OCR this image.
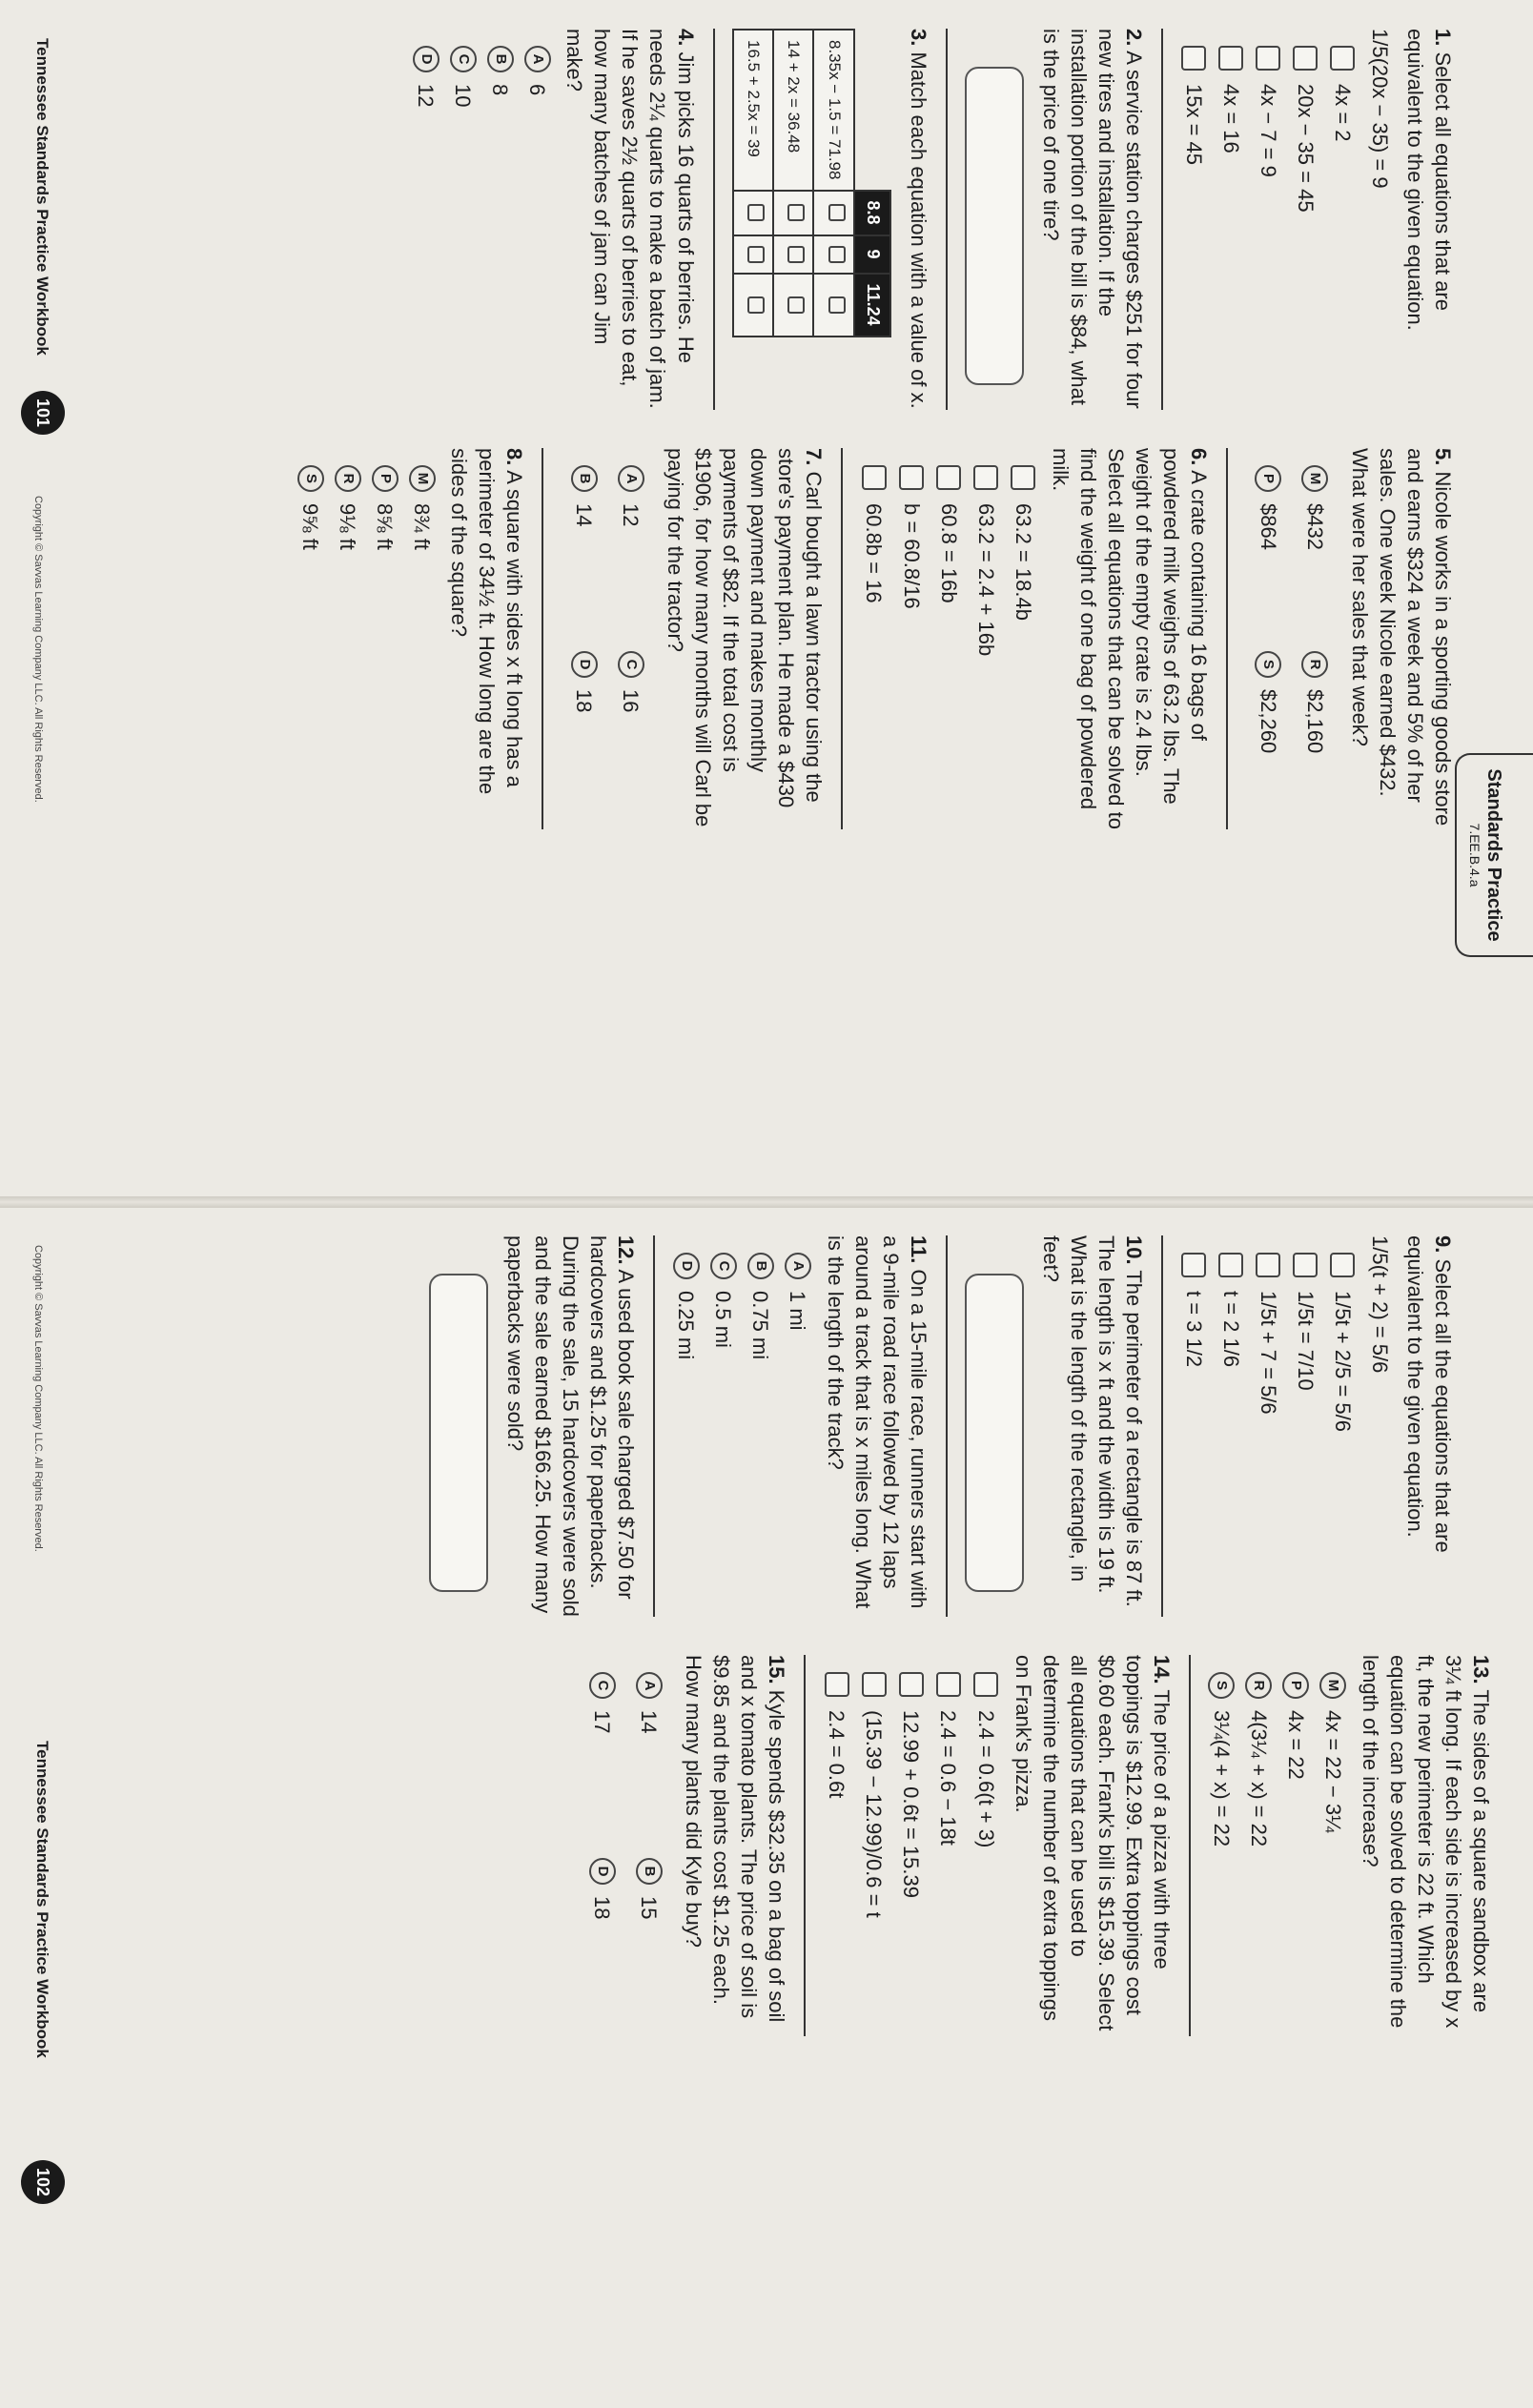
Standards Practice
7.EE.B.4.a

1. Select all equations that are equivalent to the given equation.

1/5(20x − 35) = 9

4x = 2
20x − 35 = 45
4x − 7 = 9
4x = 16
15x = 45

2. A service station charges $251 for four new tires and installation. If the installation portion of the bill is $84, what is the price of one tire?

3. Match each equation with a value of x.

	8.8	9	11.24
8.35x − 1.5 = 71.98			
14 + 2x = 36.48			
16.5 + 2.5x = 39			

4. Jim picks 16 quarts of berries. He needs 2¼ quarts to make a batch of jam. If he saves 2½ quarts of berries to eat, how many batches of jam can Jim make?

A
6
B
8
C
10
D
12

5. Nicole works in a sporting goods store and earns $324 a week and 5% of her sales. One week Nicole earned $432. What were her sales that week?

M
$432
R
$2,160
P
$864
S
$2,260

6. A crate containing 16 bags of powdered milk weighs of 63.2 lbs. The weight of the empty crate is 2.4 lbs. Select all equations that can be solved to find the weight of one bag of powdered milk.

63.2 = 18.4b
63.2 = 2.4 + 16b
60.8 = 16b
b = 60.8/16
60.8b = 16

7. Carl bought a lawn tractor using the store's payment plan. He made a $430 down payment and makes monthly payments of $82. If the total cost is $1906, for how many months will Carl be paying for the tractor?

A
12
C
16
B
14
D
18

8. A square with sides x ft long has a perimeter of 34½ ft. How long are the sides of the square?

M
8¾ ft
P
8⅝ ft
R
9⅛ ft
S
9⅝ ft
Tennessee Standards Practice Workbook
101
Copyright © Savvas Learning Company LLC. All Rights Reserved.

9. Select all the equations that are equivalent to the given equation.

1/5(t + 2) = 5/6

1/5t + 2/5 = 5/6
1/5t = 7/10
1/5t + 7 = 5/6
t = 2 1/6
t = 3 1/2

10. The perimeter of a rectangle is 87 ft. The length is x ft and the width is 19 ft. What is the length of the rectangle, in feet?

11. On a 15-mile race, runners start with a 9-mile road race followed by 12 laps around a track that is x miles long. What is the length of the track?

A
1 mi
B
0.75 mi
C
0.5 mi
D
0.25 mi

12. A used book sale charged $7.50 for hardcovers and $1.25 for paperbacks. During the sale, 15 hardcovers were sold and the sale earned $166.25. How many paperbacks were sold?

13. The sides of a square sandbox are 3¼ ft long. If each side is increased by x ft, the new perimeter is 22 ft. Which equation can be solved to determine the length of the increase?

M
4x = 22 − 3¼
P
4x = 22
R
4(3¼ + x) = 22
S
3¼(4 + x) = 22

14. The price of a pizza with three toppings is $12.99. Extra toppings cost $0.60 each. Frank's bill is $15.39. Select all equations that can be used to determine the number of extra toppings on Frank's pizza.

2.4 = 0.6(t + 3)
2.4 = 0.6 − 18t
12.99 + 0.6t = 15.39
(15.39 − 12.99)/0.6 = t
2.4 = 0.6t

15. Kyle spends $32.35 on a bag of soil and x tomato plants. The price of soil is $9.85 and the plants cost $1.25 each. How many plants did Kyle buy?

A
14
B
15
C
17
D
18
Copyright © Savvas Learning Company LLC. All Rights Reserved.
Tennessee Standards Practice Workbook
102
